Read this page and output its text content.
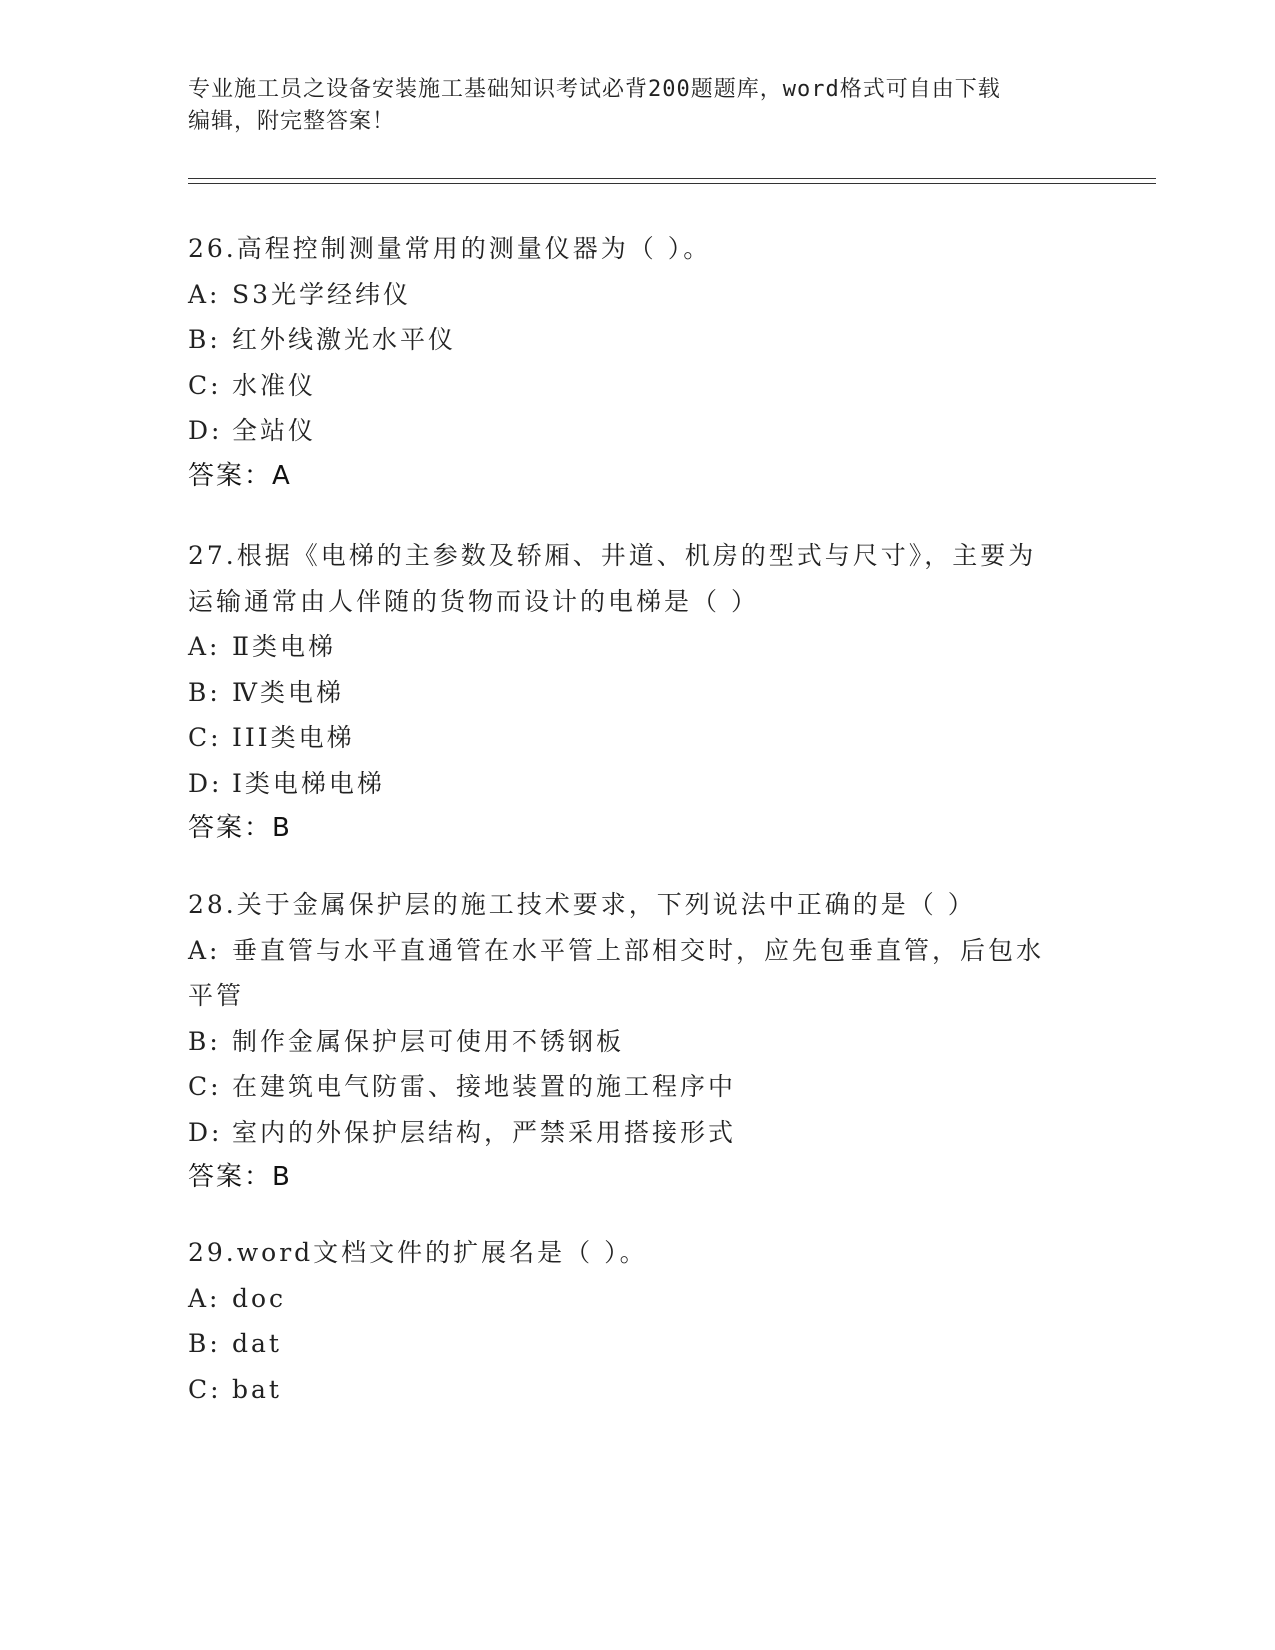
专业施工员之设备安装施工基础知识考试必背200题题库，word格式可自由下载
编辑，附完整答案！
26.高程控制测量常用的测量仪器为（ ）。
A: S3光学经纬仪
B: 红外线激光水平仪
C: 水准仪
D: 全站仪
答案：A
27.根据《电梯的主参数及轿厢、井道、机房的型式与尺寸》，主要为
运输通常由人伴随的货物而设计的电梯是（ ）
A: Ⅱ类电梯
B: Ⅳ类电梯
C: III类电梯
D: Ⅰ类电梯电梯
答案：B
28.关于金属保护层的施工技术要求，下列说法中正确的是（ ）
A: 垂直管与水平直通管在水平管上部相交时，应先包垂直管，后包水
平管
B: 制作金属保护层可使用不锈钢板
C: 在建筑电气防雷、接地装置的施工程序中
D: 室内的外保护层结构，严禁采用搭接形式
答案：B
29.word文档文件的扩展名是（ ）。
A: doc
B: dat
C: bat
